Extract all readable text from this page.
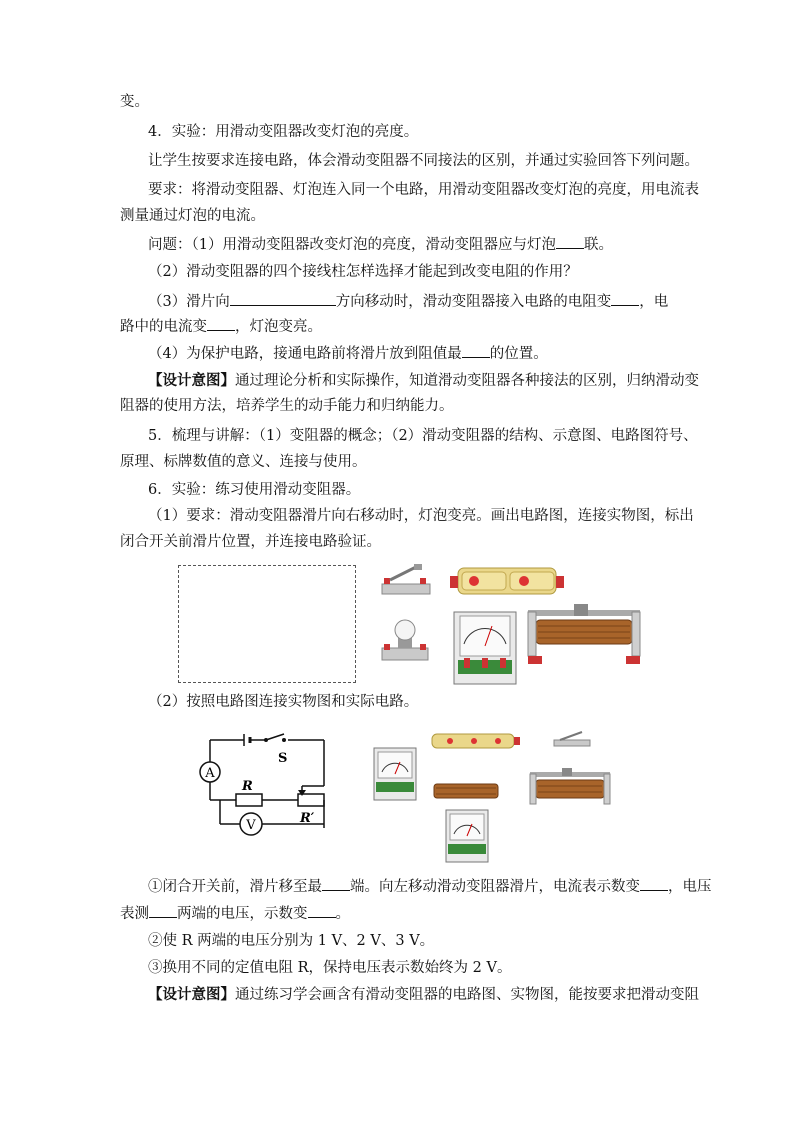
变。
4．实验：用滑动变阻器改变灯泡的亮度。
让学生按要求连接电路，体会滑动变阻器不同接法的区别，并通过实验回答下列问题。
要求：将滑动变阻器、灯泡连入同一个电路，用滑动变阻器改变灯泡的亮度，用电流表
测量通过灯泡的电流。
问题：（1）用滑动变阻器改变灯泡的亮度，滑动变阻器应与灯泡 联。
（2）滑动变阻器的四个接线柱怎样选择才能起到改变电阻的作用？
（3）滑片向	方向移动时，滑动变阻器接入电路的电阻变 ，电
路中的电流变 ，灯泡变亮。
（4）为保护电路，接通电路前将滑片放到阻值最 的位置。
【设计意图】通过理论分析和实际操作，知道滑动变阻器各种接法的区别，归纳滑动变
阻器的使用方法，培养学生的动手能力和归纳能力。
5．梳理与讲解：（1）变阻器的概念；（2）滑动变阻器的结构、示意图、电路图符号、
原理、标牌数值的意义、连接与使用。
6．实验：练习使用滑动变阻器。
（1）要求：滑动变阻器滑片向右移动时，灯泡变亮。画出电路图，连接实物图，标出
闭合开关前滑片位置，并连接电路验证。
（2）按照电路图连接实物图和实际电路。
A
V
S
R
R′
①闭合开关前，滑片移至最 端。向左移动滑动变阻器滑片，电流表示数变 ，电压
表测 两端的电压，示数变 。
②使 R 两端的电压分别为 1 V、2 V、3 V。
③换用不同的定值电阻 R，保持电压表示数始终为 2 V。
【设计意图】通过练习学会画含有滑动变阻器的电路图、实物图，能按要求把滑动变阻
